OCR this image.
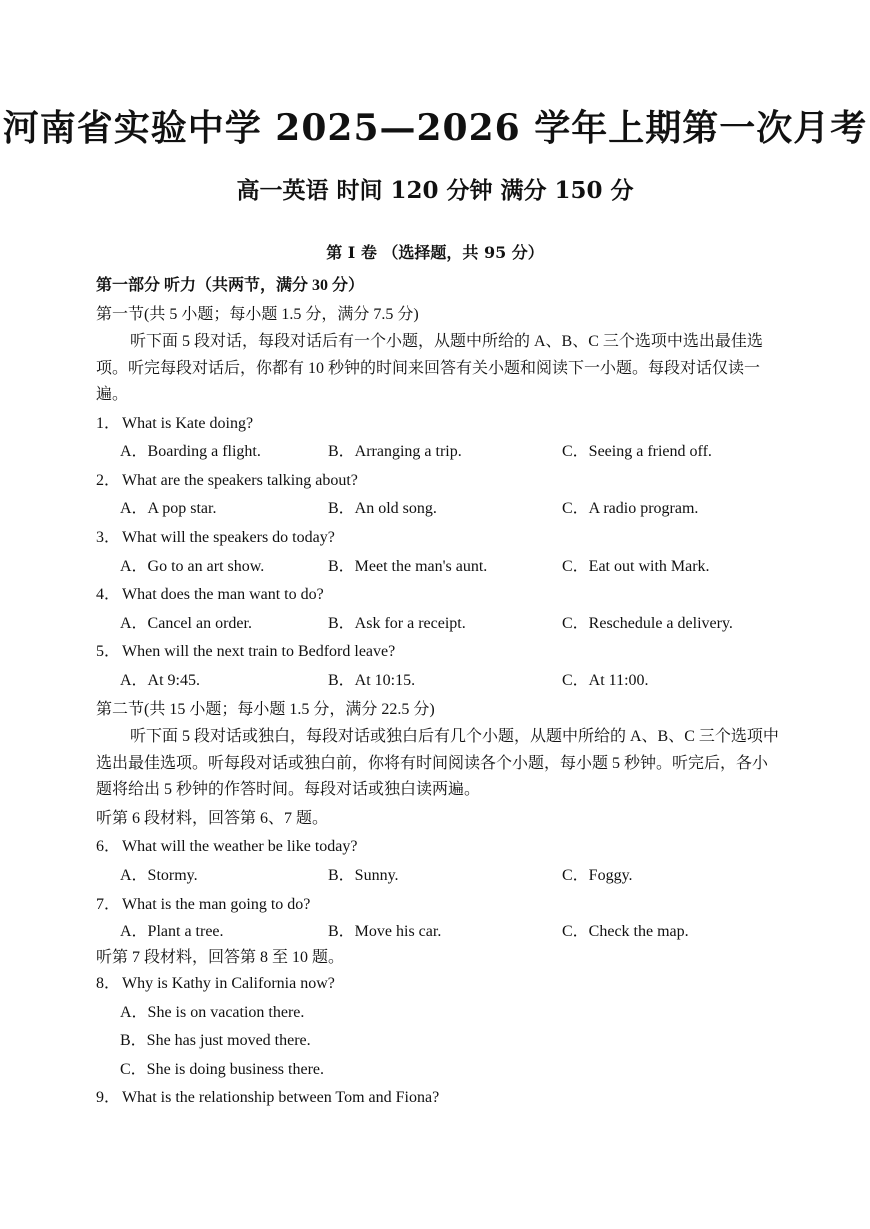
河南省实验中学 2025—2026 学年上期第一次月考
高一英语 时间 120 分钟 满分 150 分
第 I 卷 （选择题，共 95 分）
第一部分 听力（共两节，满分 30 分）
第一节(共 5 小题；每小题 1.5 分，满分 7.5 分)

听下面 5 段对话，每段对话后有一个小题，从题中所给的 A、B、C 三个选项中选出最佳选项。听完每段对话后，你都有 10 秒钟的时间来回答有关小题和阅读下一小题。每段对话仅读一遍。

1． What is Kate doing?
A．Boarding a flight.	B．Arranging a trip.	C．Seeing a friend off.
2． What are the speakers talking about?
A．A pop star.	B．An old song.	C．A radio program.
3． What will the speakers do today?
A．Go to an art show.	B．Meet the man's aunt.	C．Eat out with Mark.
4． What does the man want to do?
A．Cancel an order.	B．Ask for a receipt.	C．Reschedule a delivery.
5． When will the next train to Bedford leave?
A．At 9:45.	B．At 10:15.	C．At 11:00.
第二节(共 15 小题；每小题 1.5 分，满分 22.5 分)

听下面 5 段对话或独白，每段对话或独白后有几个小题，从题中所给的 A、B、C 三个选项中选出最佳选项。听每段对话或独白前，你将有时间阅读各个小题，每小题 5 秒钟。听完后，各小题将给出 5 秒钟的作答时间。每段对话或独白读两遍。

听第 6 段材料，回答第 6、7 题。
6． What will the weather be like today?
A．Stormy.	B．Sunny.	C．Foggy.
7． What is the man going to do?
A．Plant a tree.	B．Move his car.	C．Check the map.
听第 7 段材料，回答第 8 至 10 题。
8． Why is Kathy in California now?
A．She is on vacation there.
B．She has just moved there.
C．She is doing business there.
9． What is the relationship between Tom and Fiona?
